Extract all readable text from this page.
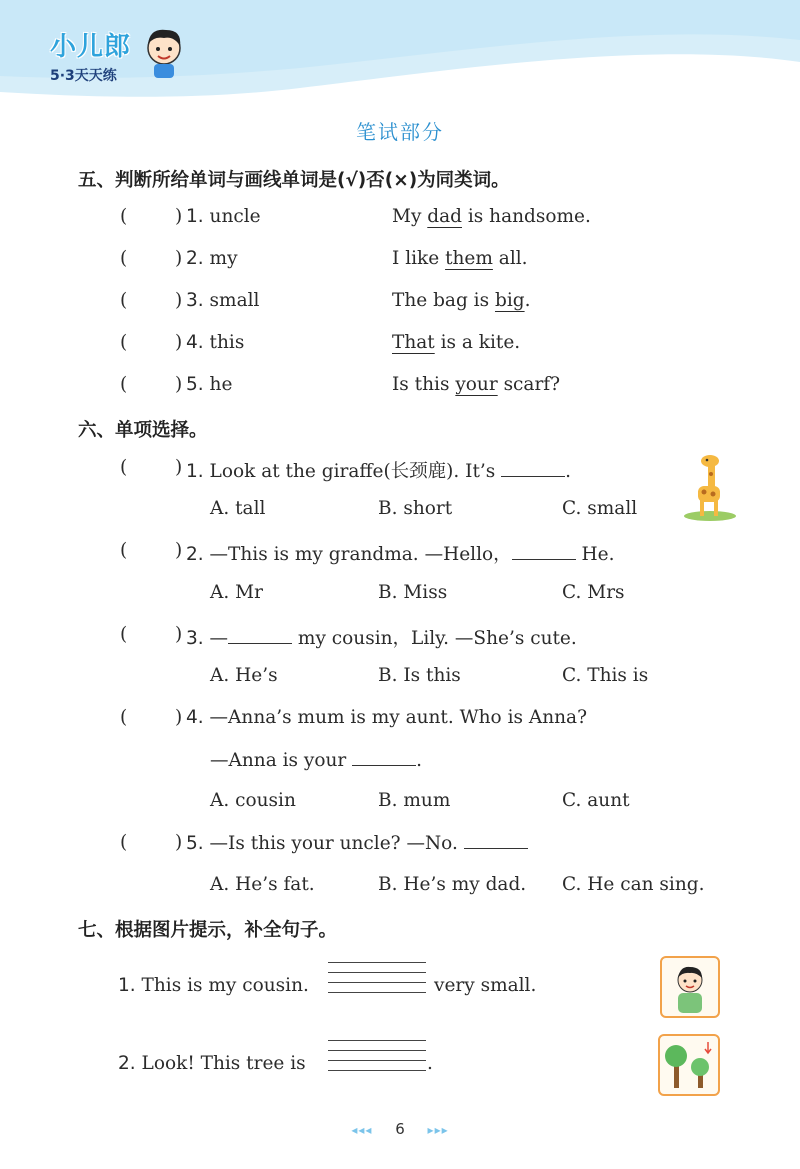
小儿郎
5·3天天练
笔试部分
五、判断所给单词与画线单词是(√)否(×)为同类词。
(	) 1. uncle	My dad is handsome.
(	) 2. my	I like them all.
(	) 3. small	The bag is big.
(	) 4. this	That is a kite.
(	) 5. he	Is this your scarf?
六、单项选择。
(	) 1. Look at the giraffe(长颈鹿). It’s	.
A. tall	B. short	C. small
(	) 2. —This is my grandma. —Hello，	He.
A. Mr	B. Miss	C. Mrs
(	) 3. —	my cousin，Lily. —She’s cute.
A. He’s	B. Is this	C. This is
(	) 4. —Anna’s mum is my aunt. Who is Anna?
—Anna is your	.
A. cousin	B. mum	C. aunt
(	) 5. —Is this your uncle? —No.
A. He’s fat.	B. He’s my dad. C. He can sing.
七、根据图片提示，补全句子。
1. This is my cousin.	very small.
2. Look! This tree is	.
◂◂◂ 6 ▸▸▸
